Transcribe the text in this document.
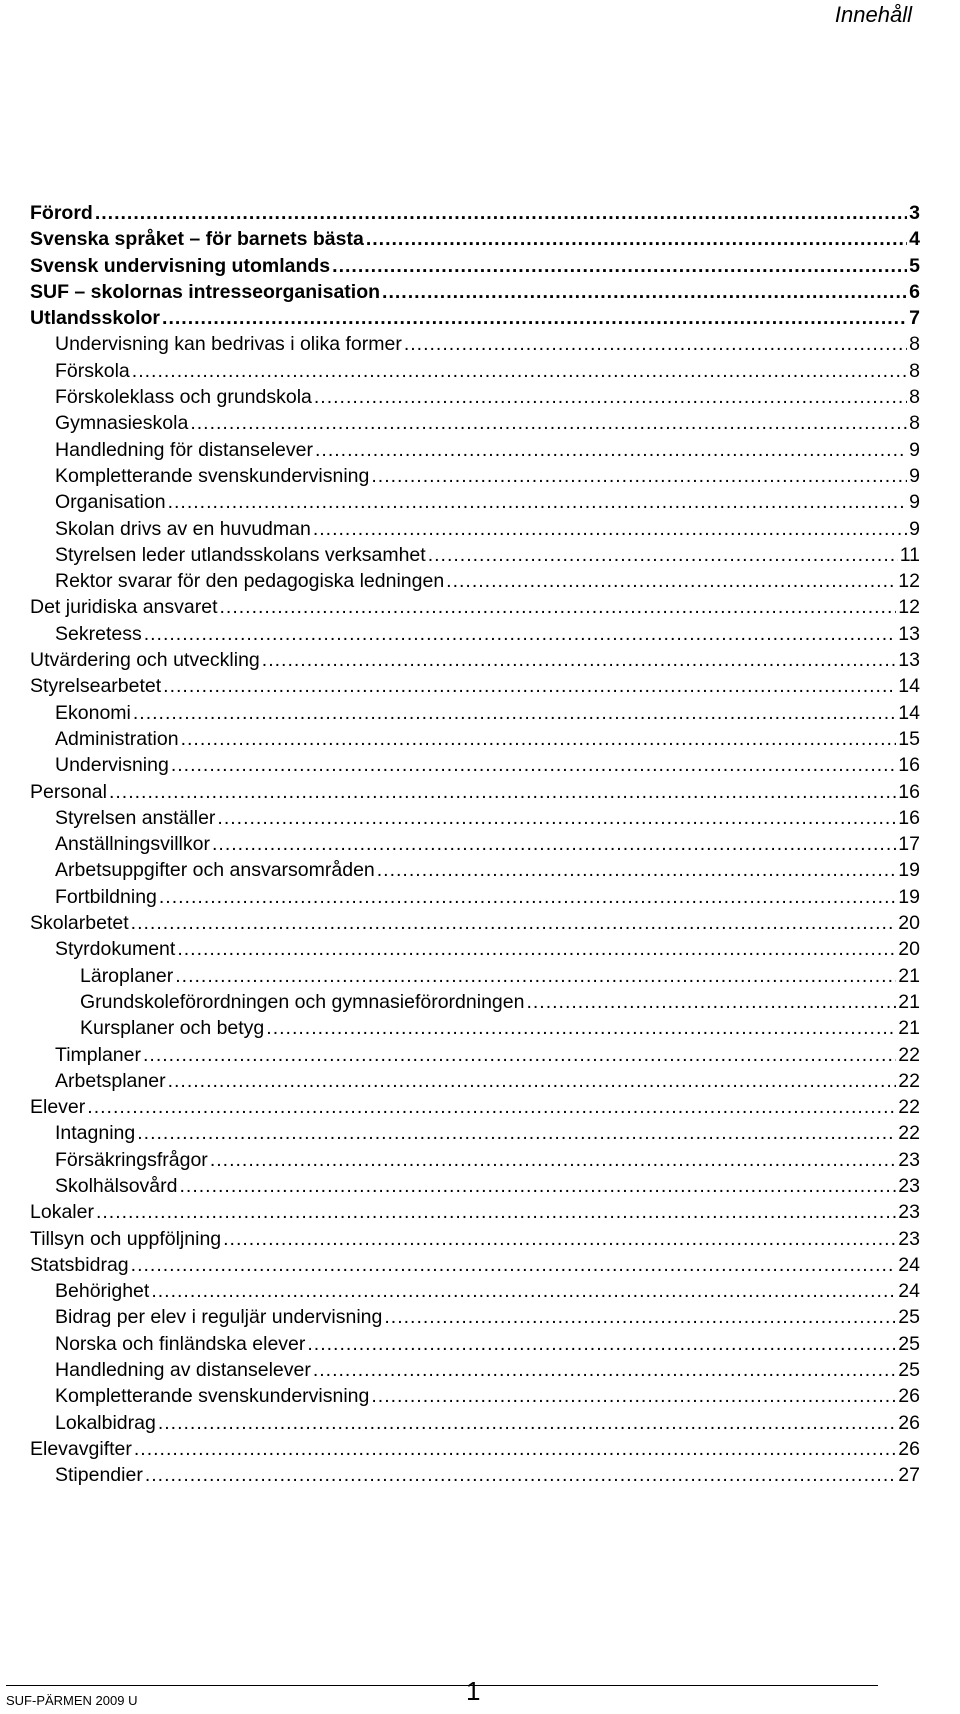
Innehåll
Förord .....	3
Svenska språket – för barnets bästa .....	4
Svensk undervisning utomlands .....	5
SUF – skolornas intresseorganisation .....	6
Utlandsskolor .....	7
Undervisning kan bedrivas i olika former .....	8
Förskola .....	8
Förskoleklass och grundskola .....	8
Gymnasieskola .....	8
Handledning för distanselever .....	9
Kompletterande svenskundervisning .....	9
Organisation .....	9
Skolan drivs av en huvudman .....	9
Styrelsen leder utlandsskolans verksamhet .....	11
Rektor svarar för den pedagogiska ledningen .....	12
Det juridiska ansvaret .....	12
Sekretess .....	13
Utvärdering och utveckling .....	13
Styrelsearbetet .....	14
Ekonomi .....	14
Administration .....	15
Undervisning .....	16
Personal .....	16
Styrelsen anställer .....	16
Anställningsvillkor .....	17
Arbetsuppgifter och ansvarsområden .....	19
Fortbildning .....	19
Skolarbetet .....	20
Styrdokument .....	20
Läroplaner .....	21
Grundskoleförordningen och gymnasieförordningen .....	21
Kursplaner och betyg .....	21
Timplaner .....	22
Arbetsplaner .....	22
Elever .....	22
Intagning .....	22
Försäkringsfrågor .....	23
Skolhälsovård .....	23
Lokaler .....	23
Tillsyn och uppföljning .....	23
Statsbidrag .....	24
Behörighet .....	24
Bidrag per elev i reguljär undervisning .....	25
Norska och finländska elever .....	25
Handledning av distanselever .....	25
Kompletterande svenskundervisning .....	26
Lokalbidrag .....	26
Elevavgifter .....	26
Stipendier .....	27
SUF-PÄRMEN 2009 U	1
